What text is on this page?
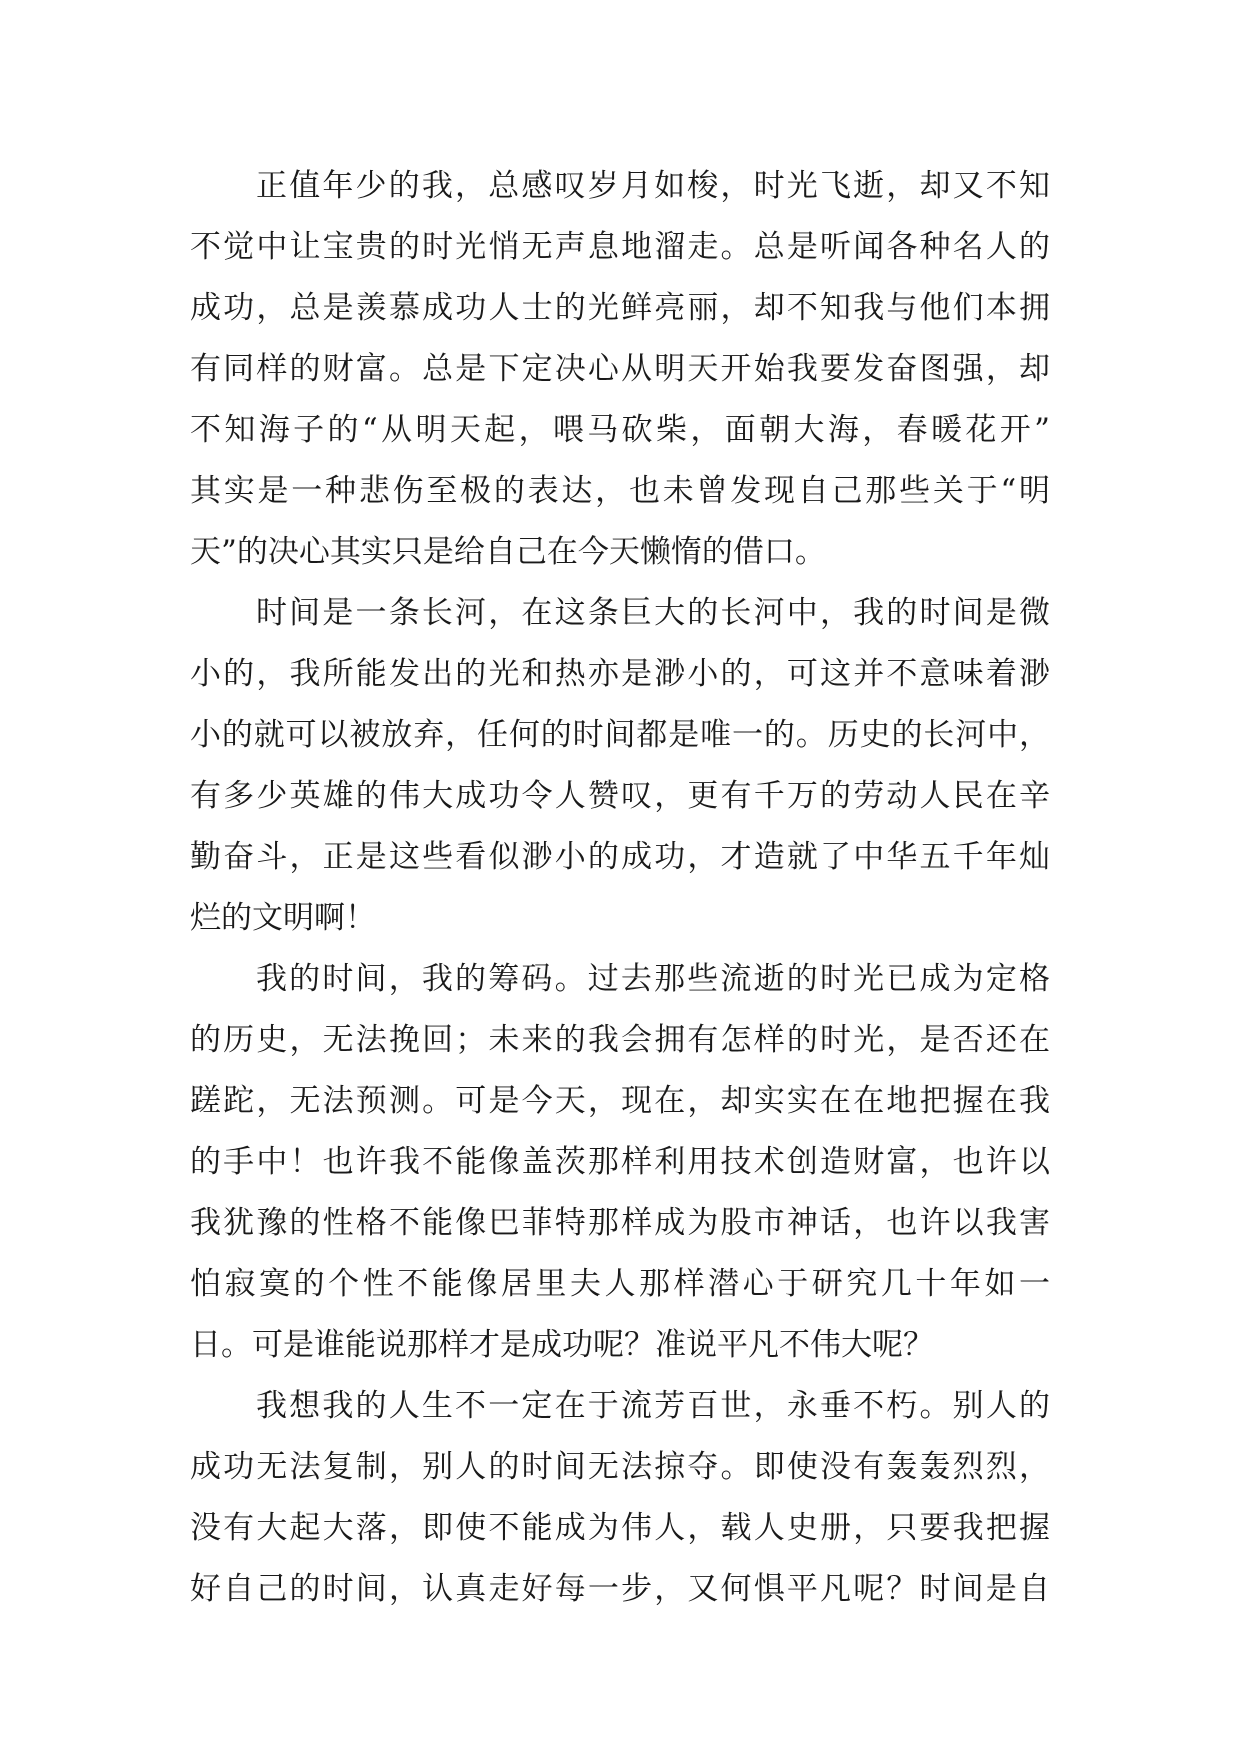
正值年少的我，总感叹岁月如梭，时光飞逝，却又不知
不觉中让宝贵的时光悄无声息地溜走。总是听闻各种名人的
成功，总是羡慕成功人士的光鲜亮丽，却不知我与他们本拥
有同样的财富。总是下定决心从明天开始我要发奋图强，却
不知海子的“从明天起，喂马砍柴，面朝大海，春暖花开”
其实是一种悲伤至极的表达，也未曾发现自己那些关于“明
天”的决心其实只是给自己在今天懒惰的借口。
时间是一条长河，在这条巨大的长河中，我的时间是微
小的，我所能发出的光和热亦是渺小的，可这并不意味着渺
小的就可以被放弃，任何的时间都是唯一的。历史的长河中，
有多少英雄的伟大成功令人赞叹，更有千万的劳动人民在辛
勤奋斗，正是这些看似渺小的成功，才造就了中华五千年灿
烂的文明啊！
我的时间，我的筹码。过去那些流逝的时光已成为定格
的历史，无法挽回；未来的我会拥有怎样的时光，是否还在
蹉跎，无法预测。可是今天，现在，却实实在在地把握在我
的手中！也许我不能像盖茨那样利用技术创造财富，也许以
我犹豫的性格不能像巴菲特那样成为股市神话，也许以我害
怕寂寞的个性不能像居里夫人那样潜心于研究几十年如一
日。可是谁能说那样才是成功呢？准说平凡不伟大呢？
我想我的人生不一定在于流芳百世，永垂不朽。别人的
成功无法复制，别人的时间无法掠夺。即使没有轰轰烈烈，
没有大起大落，即使不能成为伟人，载人史册，只要我把握
好自己的时间，认真走好每一步，又何惧平凡呢？时间是自
